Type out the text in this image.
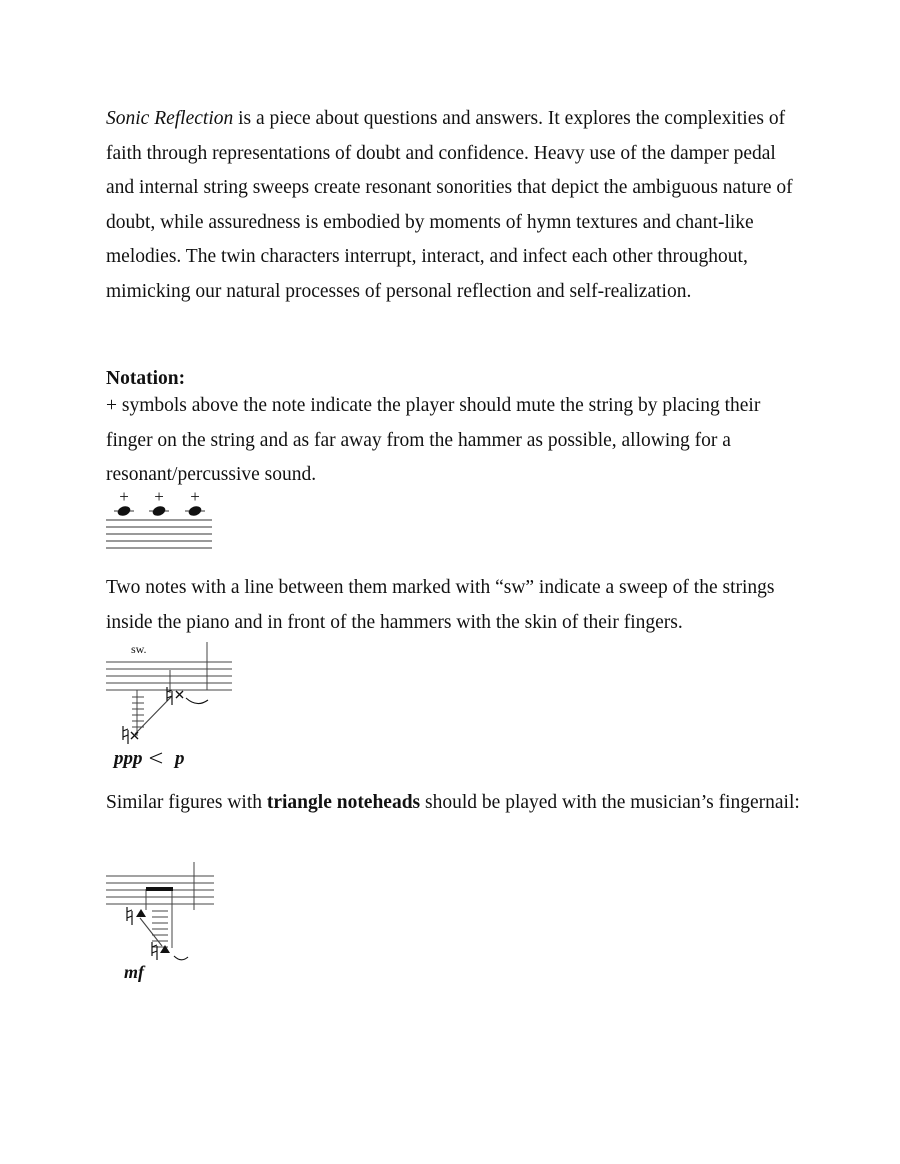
Sonic Reflection is a piece about questions and answers. It explores the complexities of faith through representations of doubt and confidence. Heavy use of the damper pedal and internal string sweeps create resonant sonorities that depict the ambiguous nature of doubt, while assuredness is embodied by moments of hymn textures and chant-like melodies. The twin characters interrupt, interact, and infect each other throughout, mimicking our natural processes of personal reflection and self-realization.

Notation:

+ symbols above the note indicate the player should mute the string by placing their finger on the string and as far away from the hammer as possible, allowing for a resonant/percussive sound.

+ + +

Two notes with a line between them marked with “sw” indicate a sweep of the strings inside the piano and in front of the hammers with the skin of their fingers.

sw.
ppp p

Similar figures with triangle noteheads should be played with the musician’s fingernail:

mf
